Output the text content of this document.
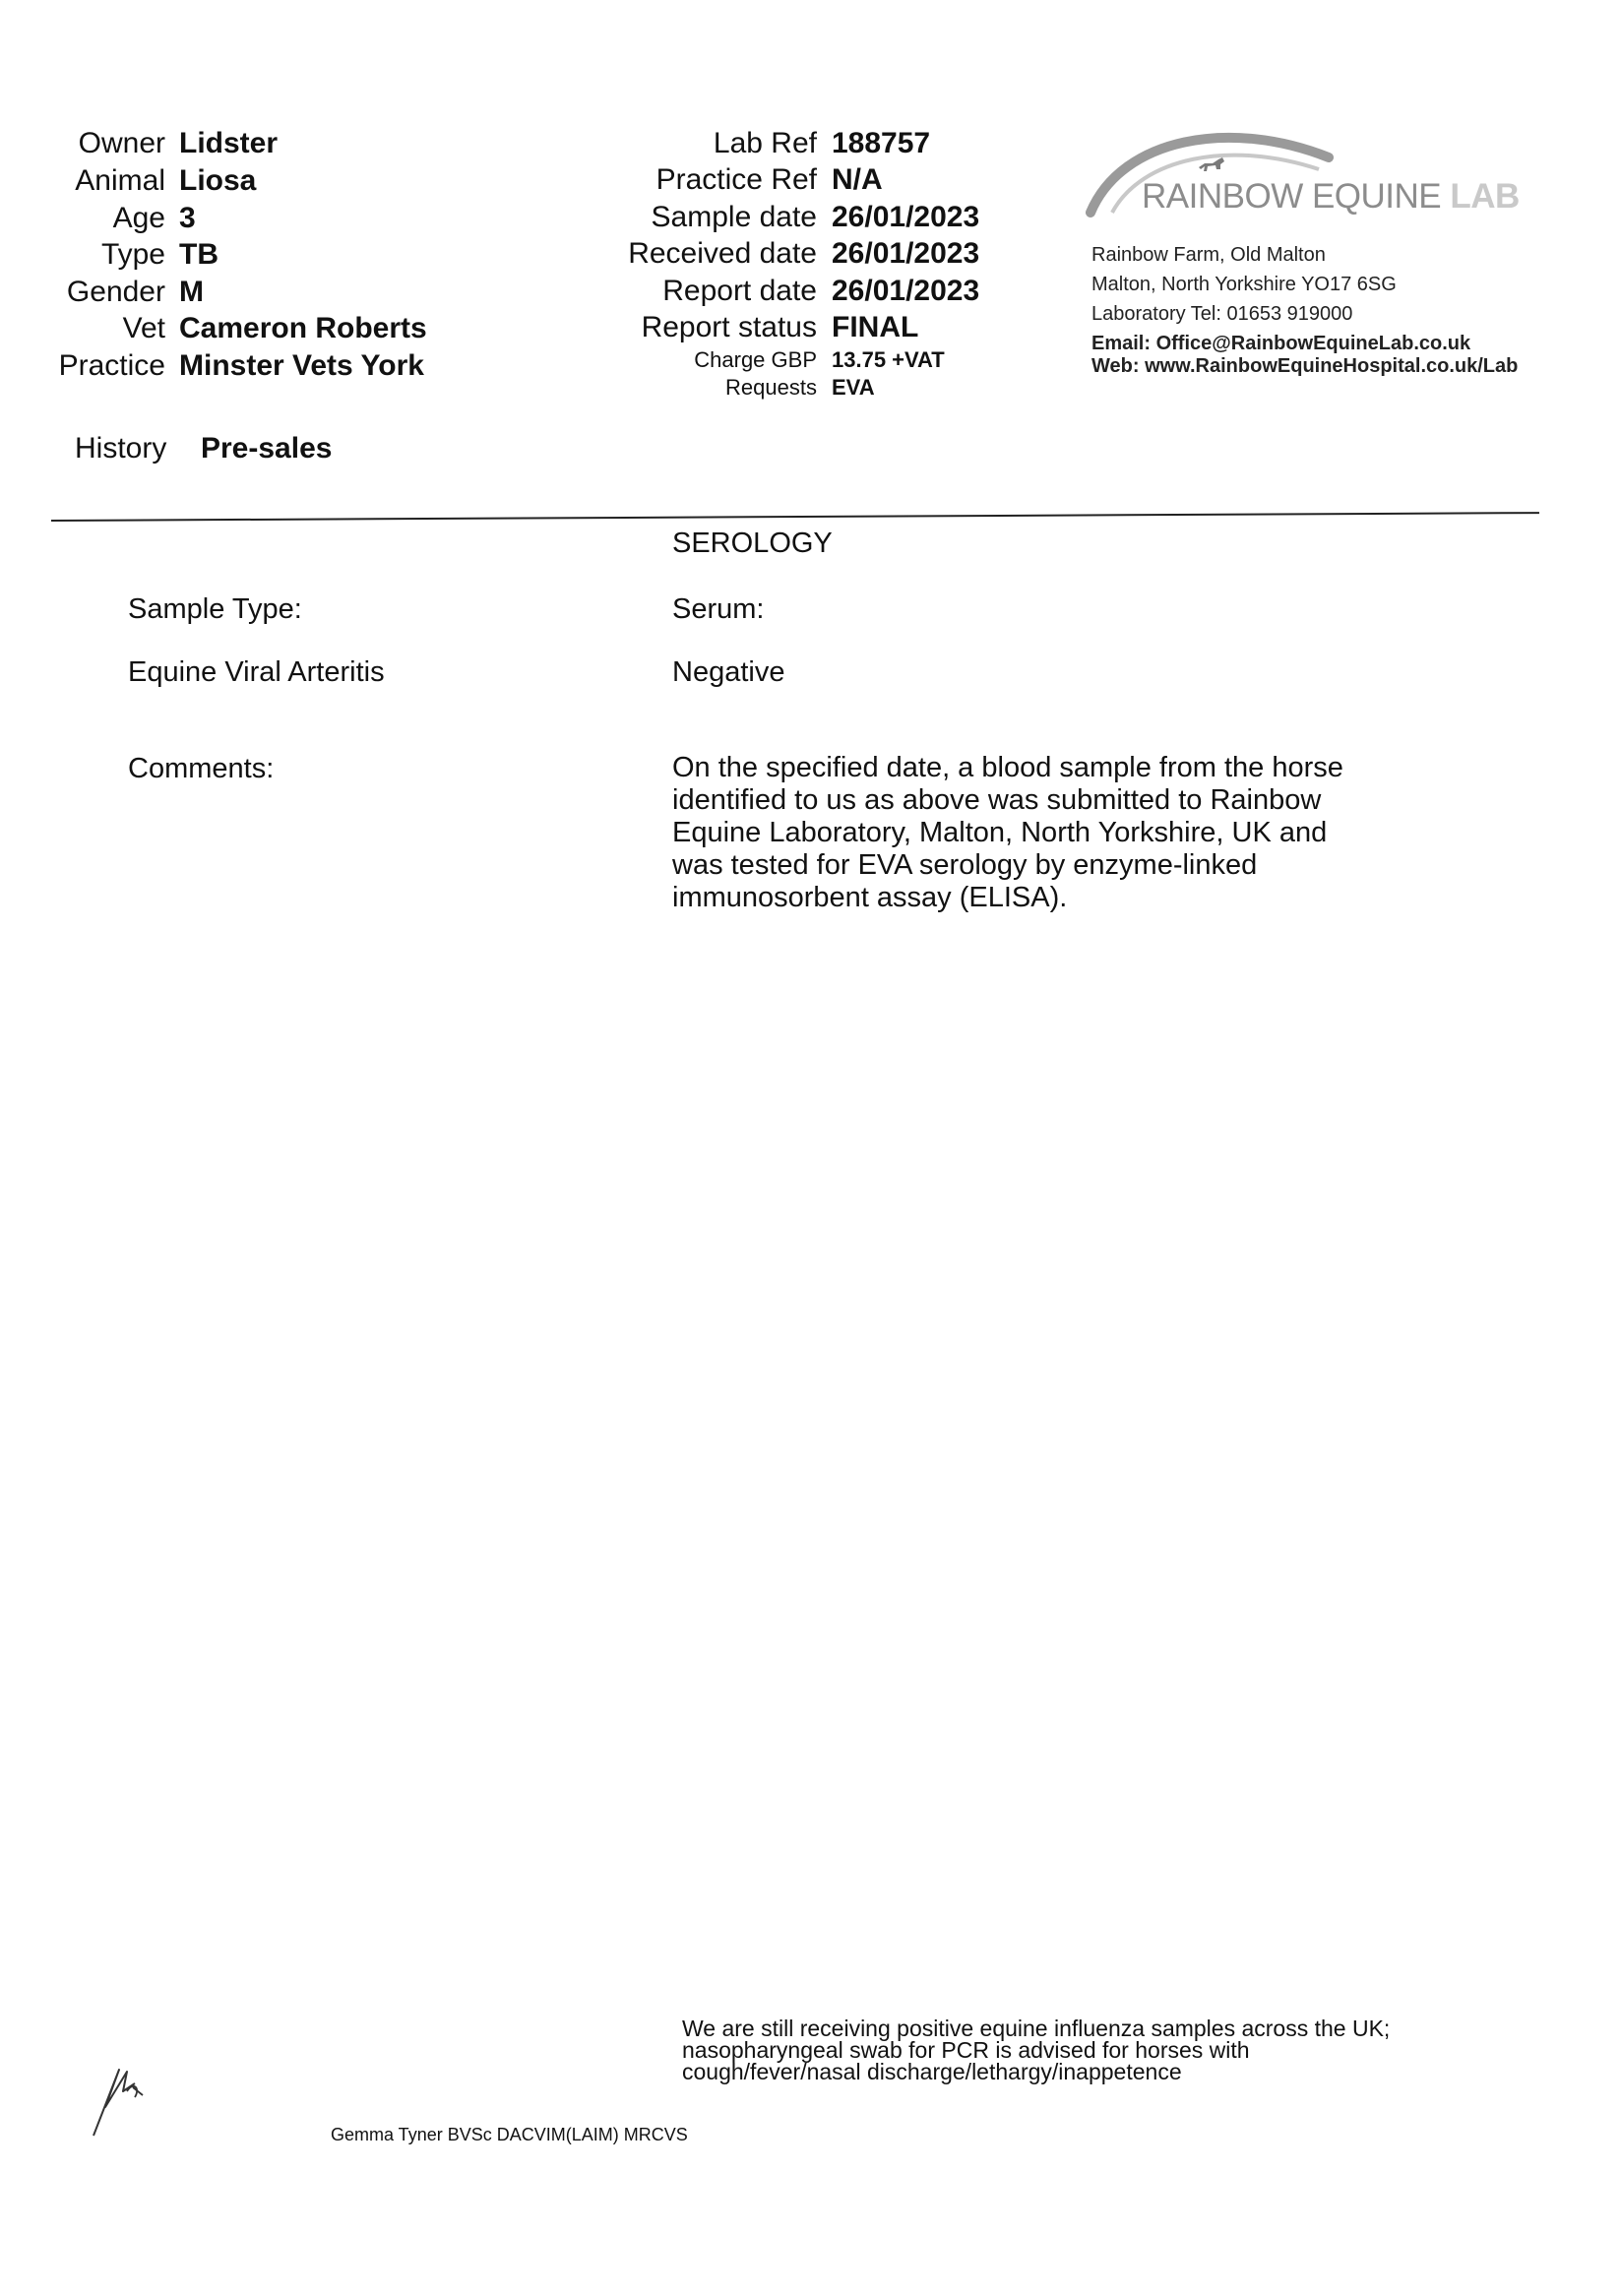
Owner Lidster
Animal Liosa
Age 3
Type TB
Gender M
Vet Cameron Roberts
Practice Minster Vets York
History Pre-sales
Lab Ref 188757
Practice Ref N/A
Sample date 26/01/2023
Received date 26/01/2023
Report date 26/01/2023
Report status FINAL
Charge GBP 13.75 +VAT
Requests EVA
RAINBOW EQUINE LAB
Rainbow Farm, Old Malton
Malton, North Yorkshire YO17 6SG
Laboratory Tel: 01653 919000
Email: Office@RainbowEquineLab.co.uk
Web: www.RainbowEquineHospital.co.uk/Lab
SEROLOGY
Sample Type:	Serum:
Equine Viral Arteritis	Negative
Comments:	On the specified date, a blood sample from the horse identified to us as above was submitted to Rainbow Equine Laboratory, Malton, North Yorkshire, UK and was tested for EVA serology by enzyme-linked immunosorbent assay (ELISA).
We are still receiving positive equine influenza samples across the UK; nasopharyngeal swab for PCR is advised for horses with cough/fever/nasal discharge/lethargy/inappetence
Gemma Tyner BVSc DACVIM(LAIM) MRCVS
